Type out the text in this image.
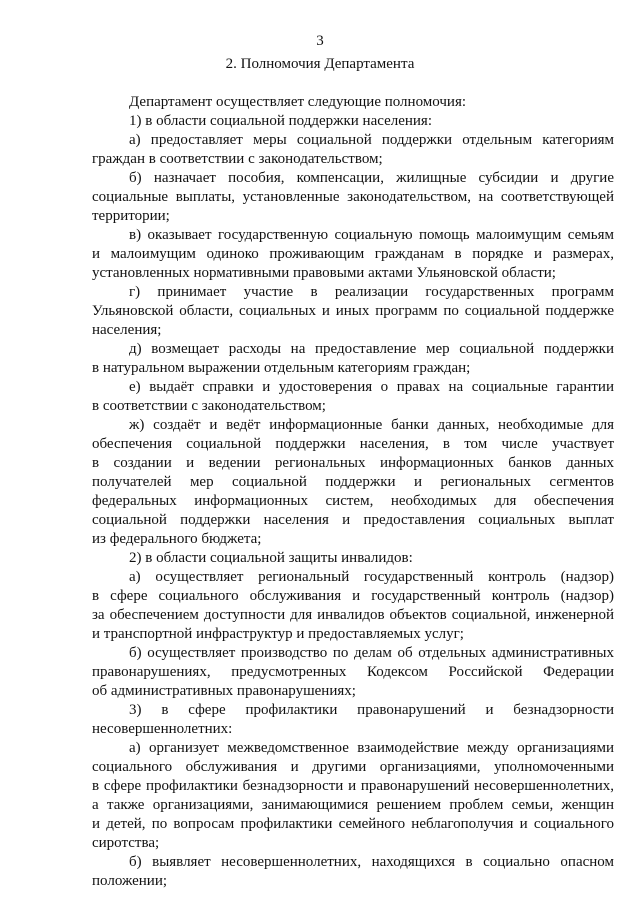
3
2. Полномочия Департамента
Департамент осуществляет следующие полномочия:
1) в области социальной поддержки населения:
а) предоставляет меры социальной поддержки отдельным категориям
граждан в соответствии с законодательством;
б) назначает пособия, компенсации, жилищные субсидии и другие
социальные выплаты, установленные законодательством, на соответствующей
территории;
в) оказывает государственную социальную помощь малоимущим семьям
и малоимущим одиноко проживающим гражданам в порядке и размерах,
установленных нормативными правовыми актами Ульяновской области;
г) принимает участие в реализации государственных программ
Ульяновской области, социальных и иных программ по социальной поддержке
населения;
д) возмещает расходы на предоставление мер социальной поддержки
в натуральном выражении отдельным категориям граждан;
е) выдаёт справки и удостоверения о правах на социальные гарантии
в соответствии с законодательством;
ж) создаёт и ведёт информационные банки данных, необходимые для
обеспечения социальной поддержки населения, в том числе участвует
в создании и ведении региональных информационных банков данных
получателей мер социальной поддержки и региональных сегментов
федеральных информационных систем, необходимых для обеспечения
социальной поддержки населения и предоставления социальных выплат
из федерального бюджета;
2) в области социальной защиты инвалидов:
а) осуществляет региональный государственный контроль (надзор)
в сфере социального обслуживания и государственный контроль (надзор)
за обеспечением доступности для инвалидов объектов социальной, инженерной
и транспортной инфраструктур и предоставляемых услуг;
б) осуществляет производство по делам об отдельных административных
правонарушениях, предусмотренных Кодексом Российской Федерации
об административных правонарушениях;
3) в сфере профилактики правонарушений и безнадзорности
несовершеннолетних:
а) организует межведомственное взаимодействие между организациями
социального обслуживания и другими организациями, уполномоченными
в сфере профилактики безнадзорности и правонарушений несовершеннолетних,
а также организациями, занимающимися решением проблем семьи, женщин
и детей, по вопросам профилактики семейного неблагополучия и социального
сиротства;
б) выявляет несовершеннолетних, находящихся в социально опасном
положении;
